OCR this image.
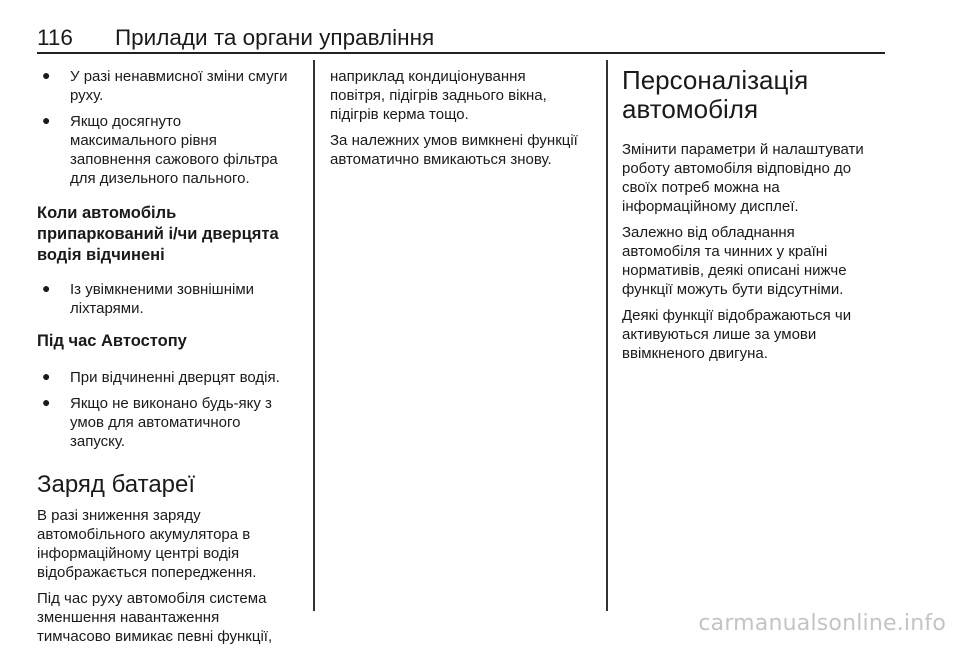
116 Прилади та органи управління
● У разі ненавмисної зміни смуги

руху.

● Якщо досягнуто

максимального рівня

заповнення сажового фільтра

для дизельного пального.

Коли автомобіль

припаркований і/чи дверцята

водія відчинені

● Із увімкненими зовнішніми

ліхтарями.

Під час Автостопу
● При відчиненні дверцят водія.

● Якщо не виконано будь-яку з

умов для автоматичного

запуску.

Заряд батареї

В разі зниження заряду

автомобільного акумулятора в

інформаційному центрі водія

відображається попередження.

Під час руху автомобіля система

зменшення навантаження

тимчасово вимикає певні функції,

наприклад кондиціонування

повітря, підігрів заднього вікна,

підігрів керма тощо.

За належних умов вимкнені функції

автоматично вмикаються знову.

Персоналізація

автомобіля

Змінити параметри й налаштувати

роботу автомобіля відповідно до

своїх потреб можна на

інформаційному дисплеї.

Залежно від обладнання

автомобіля та чинних у країні

нормативів, деякі описані нижче

функції можуть бути відсутніми.

Деякі функції відображаються чи

активуються лише за умови

ввімкненого двигуна.

carmanualsonline.info
